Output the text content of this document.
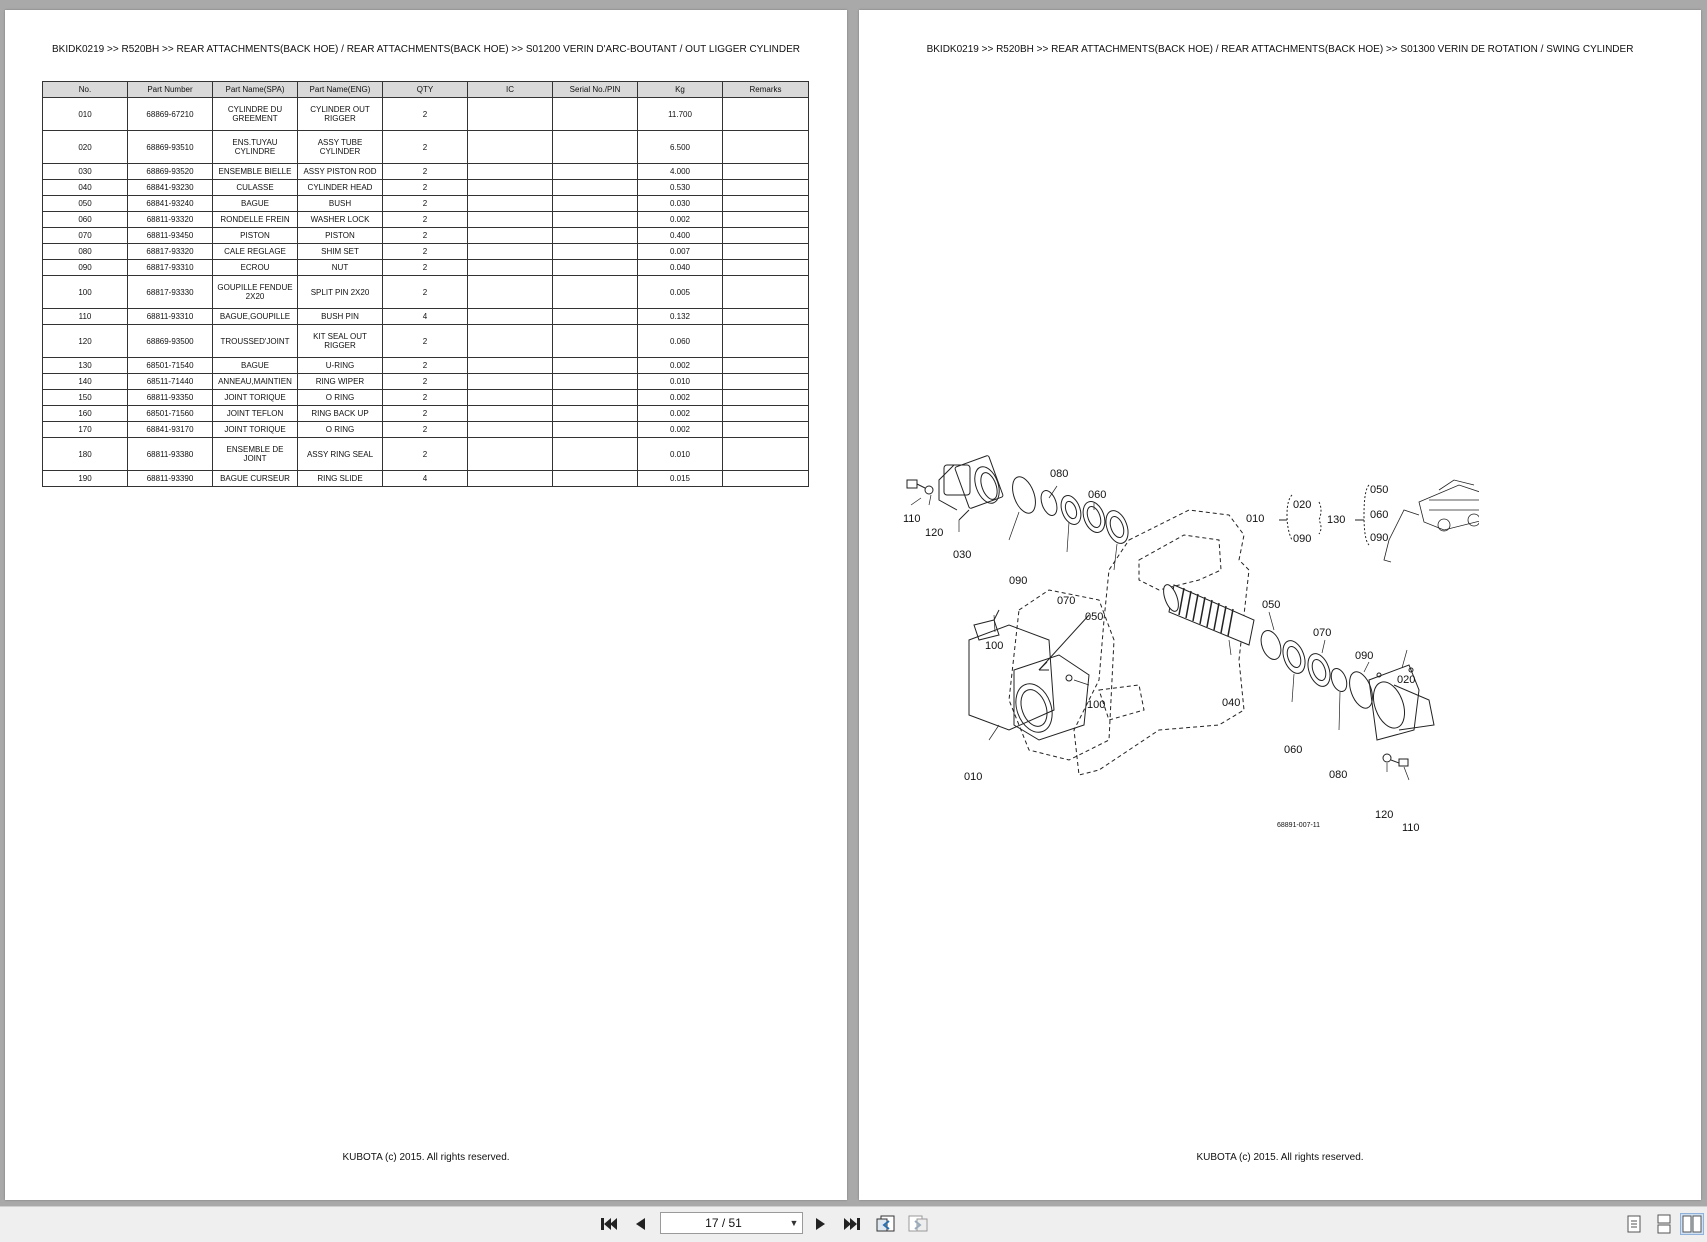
BKIDK0219 >> R520BH >> REAR ATTACHMENTS(BACK HOE) / REAR ATTACHMENTS(BACK HOE) >> S01200 VERIN D'ARC-BOUTANT / OUT LIGGER CYLINDER
No.	Part Number	Part Name(SPA)	Part Name(ENG)	QTY	IC	Serial No./PIN	Kg	Remarks
010	68869-67210	CYLINDRE DU GREEMENT	CYLINDER OUT RIGGER	2			11.700	
020	68869-93510	ENS.TUYAU CYLINDRE	ASSY TUBE CYLINDER	2			6.500	
030	68869-93520	ENSEMBLE BIELLE	ASSY PISTON ROD	2			4.000	
040	68841-93230	CULASSE	CYLINDER HEAD	2			0.530	
050	68841-93240	BAGUE	BUSH	2			0.030	
060	68811-93320	RONDELLE FREIN	WASHER LOCK	2			0.002	
070	68811-93450	PISTON	PISTON	2			0.400	
080	68817-93320	CALE REGLAGE	SHIM SET	2			0.007	
090	68817-93310	ECROU	NUT	2			0.040	
100	68817-93330	GOUPILLE FENDUE 2X20	SPLIT PIN 2X20	2			0.005	
110	68811-93310	BAGUE,GOUPILLE	BUSH PIN	4			0.132	
120	68869-93500	TROUSSED'JOINT	KIT SEAL OUT RIGGER	2			0.060	
130	68501-71540	BAGUE	U-RING	2			0.002	
140	68511-71440	ANNEAU,MAINTIEN	RING WIPER	2			0.010	
150	68811-93350	JOINT TORIQUE	O RING	2			0.002	
160	68501-71560	JOINT TEFLON	RING BACK UP	2			0.002	
170	68841-93170	JOINT TORIQUE	O RING	2			0.002	
180	68811-93380	ENSEMBLE DE JOINT	ASSY RING SEAL	2			0.010	
190	68811-93390	BAGUE CURSEUR	RING SLIDE	4			0.015	
KUBOTA (c) 2015. All rights reserved.
BKIDK0219 >> R520BH >> REAR ATTACHMENTS(BACK HOE) / REAR ATTACHMENTS(BACK HOE) >> S01300 VERIN DE ROTATION / SWING CYLINDER
080
060
110
120
030
090
070
050
010
020
090
130
050
060
090
050
070
090
020
040
060
080
100
100
010
120
110
68891-007-11
KUBOTA (c) 2015. All rights reserved.
17 / 51	▼
